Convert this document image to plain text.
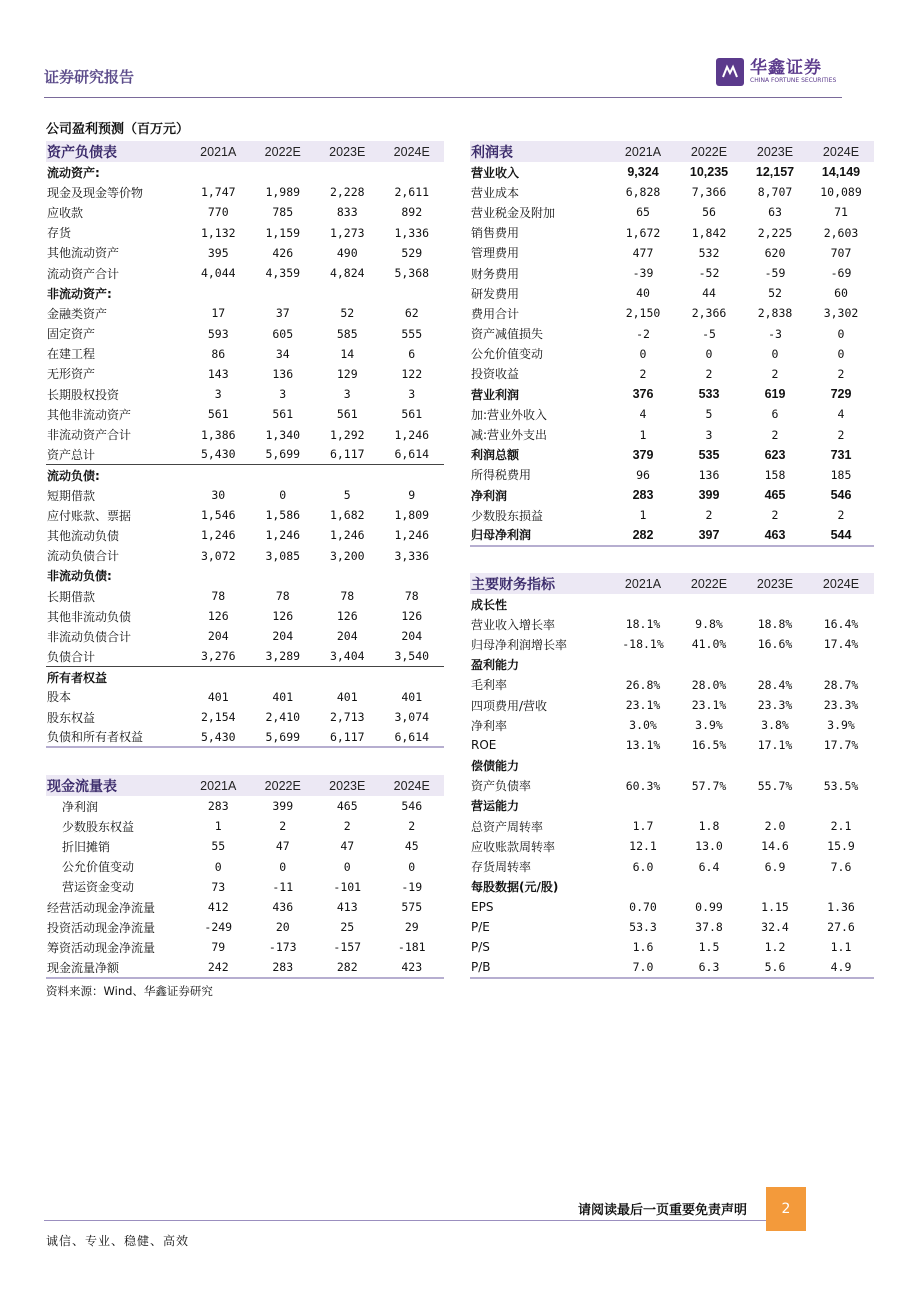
证券研究报告	华鑫证券
CHINA FORTUNE SECURITIES
公司盈利预测（百万元）
资产负债表	2021A	2022E	2023E	2024E
流动资产:				
现金及现金等价物	1,747	1,989	2,228	2,611
应收款	770	785	833	892
存货	1,132	1,159	1,273	1,336
其他流动资产	395	426	490	529
流动资产合计	4,044	4,359	4,824	5,368
非流动资产:				
金融类资产	17	37	52	62
固定资产	593	605	585	555
在建工程	86	34	14	6
无形资产	143	136	129	122
长期股权投资	3	3	3	3
其他非流动资产	561	561	561	561
非流动资产合计	1,386	1,340	1,292	1,246
资产总计	5,430	5,699	6,117	6,614
流动负债:				
短期借款	30	0	5	9
应付账款、票据	1,546	1,586	1,682	1,809
其他流动负债	1,246	1,246	1,246	1,246
流动负债合计	3,072	3,085	3,200	3,336
非流动负债:				
长期借款	78	78	78	78
其他非流动负债	126	126	126	126
非流动负债合计	204	204	204	204
负债合计	3,276	3,289	3,404	3,540
所有者权益				
股本	401	401	401	401
股东权益	2,154	2,410	2,713	3,074
负债和所有者权益	5,430	5,699	6,117	6,614
现金流量表	2021A	2022E	2023E	2024E
净利润	283	399	465	546
少数股东权益	1	2	2	2
折旧摊销	55	47	47	45
公允价值变动	0	0	0	0
营运资金变动	73	-11	-101	-19
经营活动现金净流量	412	436	413	575
投资活动现金净流量	-249	20	25	29
筹资活动现金净流量	79	-173	-157	-181
现金流量净额	242	283	282	423
利润表	2021A	2022E	2023E	2024E
营业收入	9,324	10,235	12,157	14,149
营业成本	6,828	7,366	8,707	10,089
营业税金及附加	65	56	63	71
销售费用	1,672	1,842	2,225	2,603
管理费用	477	532	620	707
财务费用	-39	-52	-59	-69
研发费用	40	44	52	60
费用合计	2,150	2,366	2,838	3,302
资产减值损失	-2	-5	-3	0
公允价值变动	0	0	0	0
投资收益	2	2	2	2
营业利润	376	533	619	729
加:营业外收入	4	5	6	4
减:营业外支出	1	3	2	2
利润总额	379	535	623	731
所得税费用	96	136	158	185
净利润	283	399	465	546
少数股东损益	1	2	2	2
归母净利润	282	397	463	544
主要财务指标	2021A	2022E	2023E	2024E
成长性				
营业收入增长率	18.1%	9.8%	18.8%	16.4%
归母净利润增长率	-18.1%	41.0%	16.6%	17.4%
盈利能力				
毛利率	26.8%	28.0%	28.4%	28.7%
四项费用/营收	23.1%	23.1%	23.3%	23.3%
净利率	3.0%	3.9%	3.8%	3.9%
ROE	13.1%	16.5%	17.1%	17.7%
偿债能力				
资产负债率	60.3%	57.7%	55.7%	53.5%
营运能力				
总资产周转率	1.7	1.8	2.0	2.1
应收账款周转率	12.1	13.0	14.6	15.9
存货周转率	6.0	6.4	6.9	7.6
每股数据(元/股)				
EPS	0.70	0.99	1.15	1.36
P/E	53.3	37.8	32.4	27.6
P/S	1.6	1.5	1.2	1.1
P/B	7.0	6.3	5.6	4.9
资料来源：Wind、华鑫证券研究
请阅读最后一页重要免责声明	2
诚信、专业、稳健、高效
